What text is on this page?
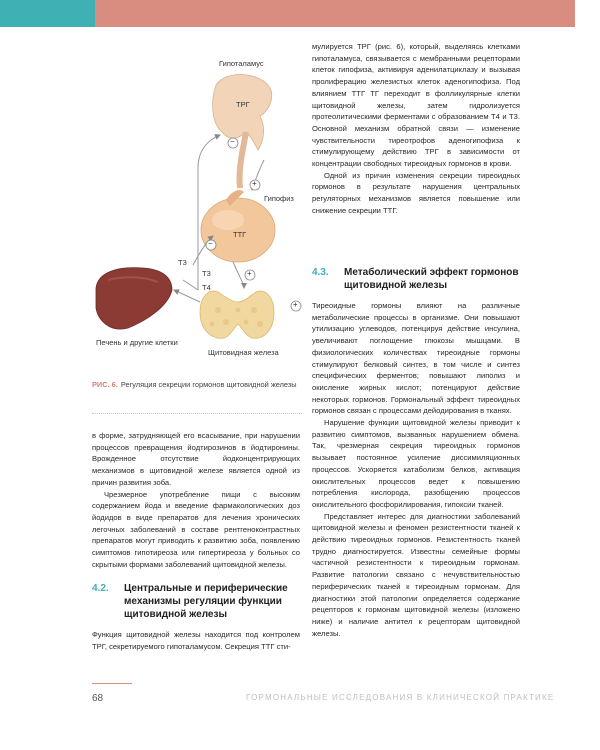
Гипоталамус
ТРГ
Гипофиз
ТТГ
Т3
Т3
Т4
Печень и другие клетки
Щитовидная железа
−
+
−
+
+
РИС. 6. Регуляция секреции гормонов щитовидной железы

в форме, затрудняющей его всасывание, при нарушении процессов превращения йодтирозинов в йодтиронины. Врожденное отсутствие йодконцентрирующих механизмов в щитовидной железе является одной из причин развития зоба.

Чрезмерное употребление пищи с высоким содержанием йода и введение фармакологических доз йодидов в виде препаратов для лечения хронических легочных заболеваний в составе рентгеноконтрастных препаратов могут приводить к развитию зоба, появлению симптомов гипотиреоза или гипертиреоза у больных со скрытыми формами заболеваний щитовидной железы.

4.2.	Центральные и периферические механизмы регуляции функции щитовидной железы

Функция щитовидной железы находится под контролем ТРГ, секретируемого гипоталамусом. Секреция ТТГ сти-

мулируется ТРГ (рис. 6), который, выделяясь клетками гипоталамуса, связывается с мембранными рецепторами клеток гипофиза, активируя аденилатциклазу и вызывая пролиферацию железистых клеток аденогипофиза. Под влиянием ТТГ ТГ переходит в фолликулярные клетки щитовидной железы, затем гидролизуется протеолитическими ферментами с образованием Т4 и Т3. Основной механизм обратной связи — изменение чувствительности тиреотрофов аденогипофиза к стимулирующему действию ТРГ в зависимости от концентрации свободных тиреоидных гормонов в крови.

Одной из причин изменения секреции тиреоидных гормонов в результате нарушения центральных регуляторных механизмов является повышение или снижение секреции ТТГ.

4.3.	Метаболический эффект гормонов щитовидной железы

Тиреоидные гормоны влияют на различные метаболические процессы в организме. Они повышают утилизацию углеводов, потенцируя действие инсулина, увеличивают поглощение глюкозы мышцами. В физиологических количествах тиреоидные гормоны стимулируют белковый синтез, в том числе и синтез специфических ферментов; повышают липолиз и окисление жирных кислот; потенцируют действие некоторых гормонов. Гормональный эффект тиреоидных гормонов связан с процессами дейодирования в тканях.

Нарушение функции щитовидной железы приводит к развитию симптомов, вызванных нарушением обмена. Так, чрезмерная секреция тиреоидных гормонов вызывает постоянное усиление диссимиляционных процессов. Ускоряется катаболизм белков, активация окислительных процессов ведет к повышению потребления кислорода, разобщению процессов окислительного фосфорилирования, гипоксии тканей.

Представляет интерес для диагностики заболеваний щитовидной железы и феномен резистентности тканей к действию тиреоидных гормонов. Резистентность тканей трудно диагностируется. Известны семейные формы частичной резистентности к тиреоидным гормонам. Развитие патологии связано с нечувствительностью периферических тканей к тиреоидным гормонам. Для диагностики этой патологии определяется содержание рецепторов к гормонам щитовидной железы (изложено ниже) и наличие антител к рецепторам щитовидной железы.

68	ГОРМОНАЛЬНЫЕ ИССЛЕДОВАНИЯ В КЛИНИЧЕСКОЙ ПРАКТИКЕ
